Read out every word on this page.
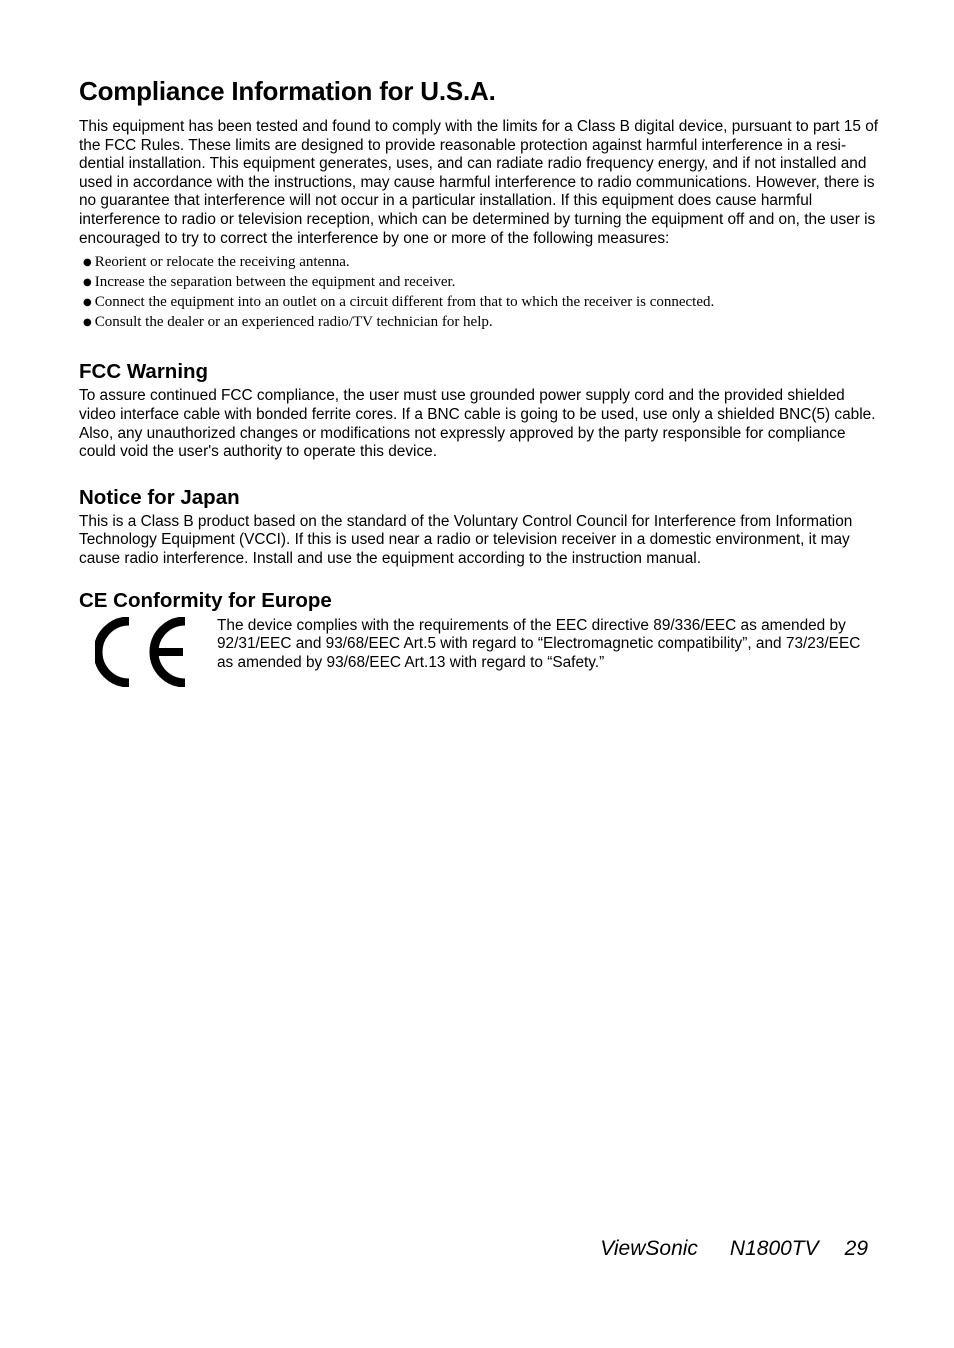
Compliance Information for U.S.A.

This equipment has been tested and found to comply with the limits for a Class B digital device, pursuant to part 15 of the FCC Rules. These limits are designed to provide reasonable protection against harmful interference in a resi-dential installation. This equipment generates, uses, and can radiate radio frequency energy, and if not installed and used in accordance with the instructions, may cause harmful interference to radio communications. However, there is no guarantee that interference will not occur in a particular installation. If this equipment does cause harmful interference to radio or television reception, which can be determined by turning the equipment off and on, the user is encouraged to try to correct the interference by one or more of the following measures:

● Reorient or relocate the receiving antenna.
● Increase the separation between the equipment and receiver.
● Connect the equipment into an outlet on a circuit different from that to which the receiver is connected.
● Consult the dealer or an experienced radio/TV technician for help.
FCC Warning

To assure continued FCC compliance, the user must use grounded power supply cord and the provided shielded video interface cable with bonded ferrite cores. If a BNC cable is going to be used, use only a shielded BNC(5) cable. Also, any unauthorized changes or modifications not expressly approved by the party responsible for compliance could void the user's authority to operate this device.

Notice for Japan

This is a Class B product based on the standard of the Voluntary Control Council for Interference from Information Technology Equipment (VCCI). If this is used near a radio or television receiver in a domestic environment, it may cause radio interference. Install and use the equipment according to the instruction manual.

CE Conformity for Europe

The device complies with the requirements of the EEC directive 89/336/EEC as amended by 92/31/EEC and 93/68/EEC Art.5 with regard to “Electromagnetic compatibility”, and 73/23/EEC as amended by 93/68/EEC Art.13 with regard to “Safety.”

ViewSonic N1800TV 29
